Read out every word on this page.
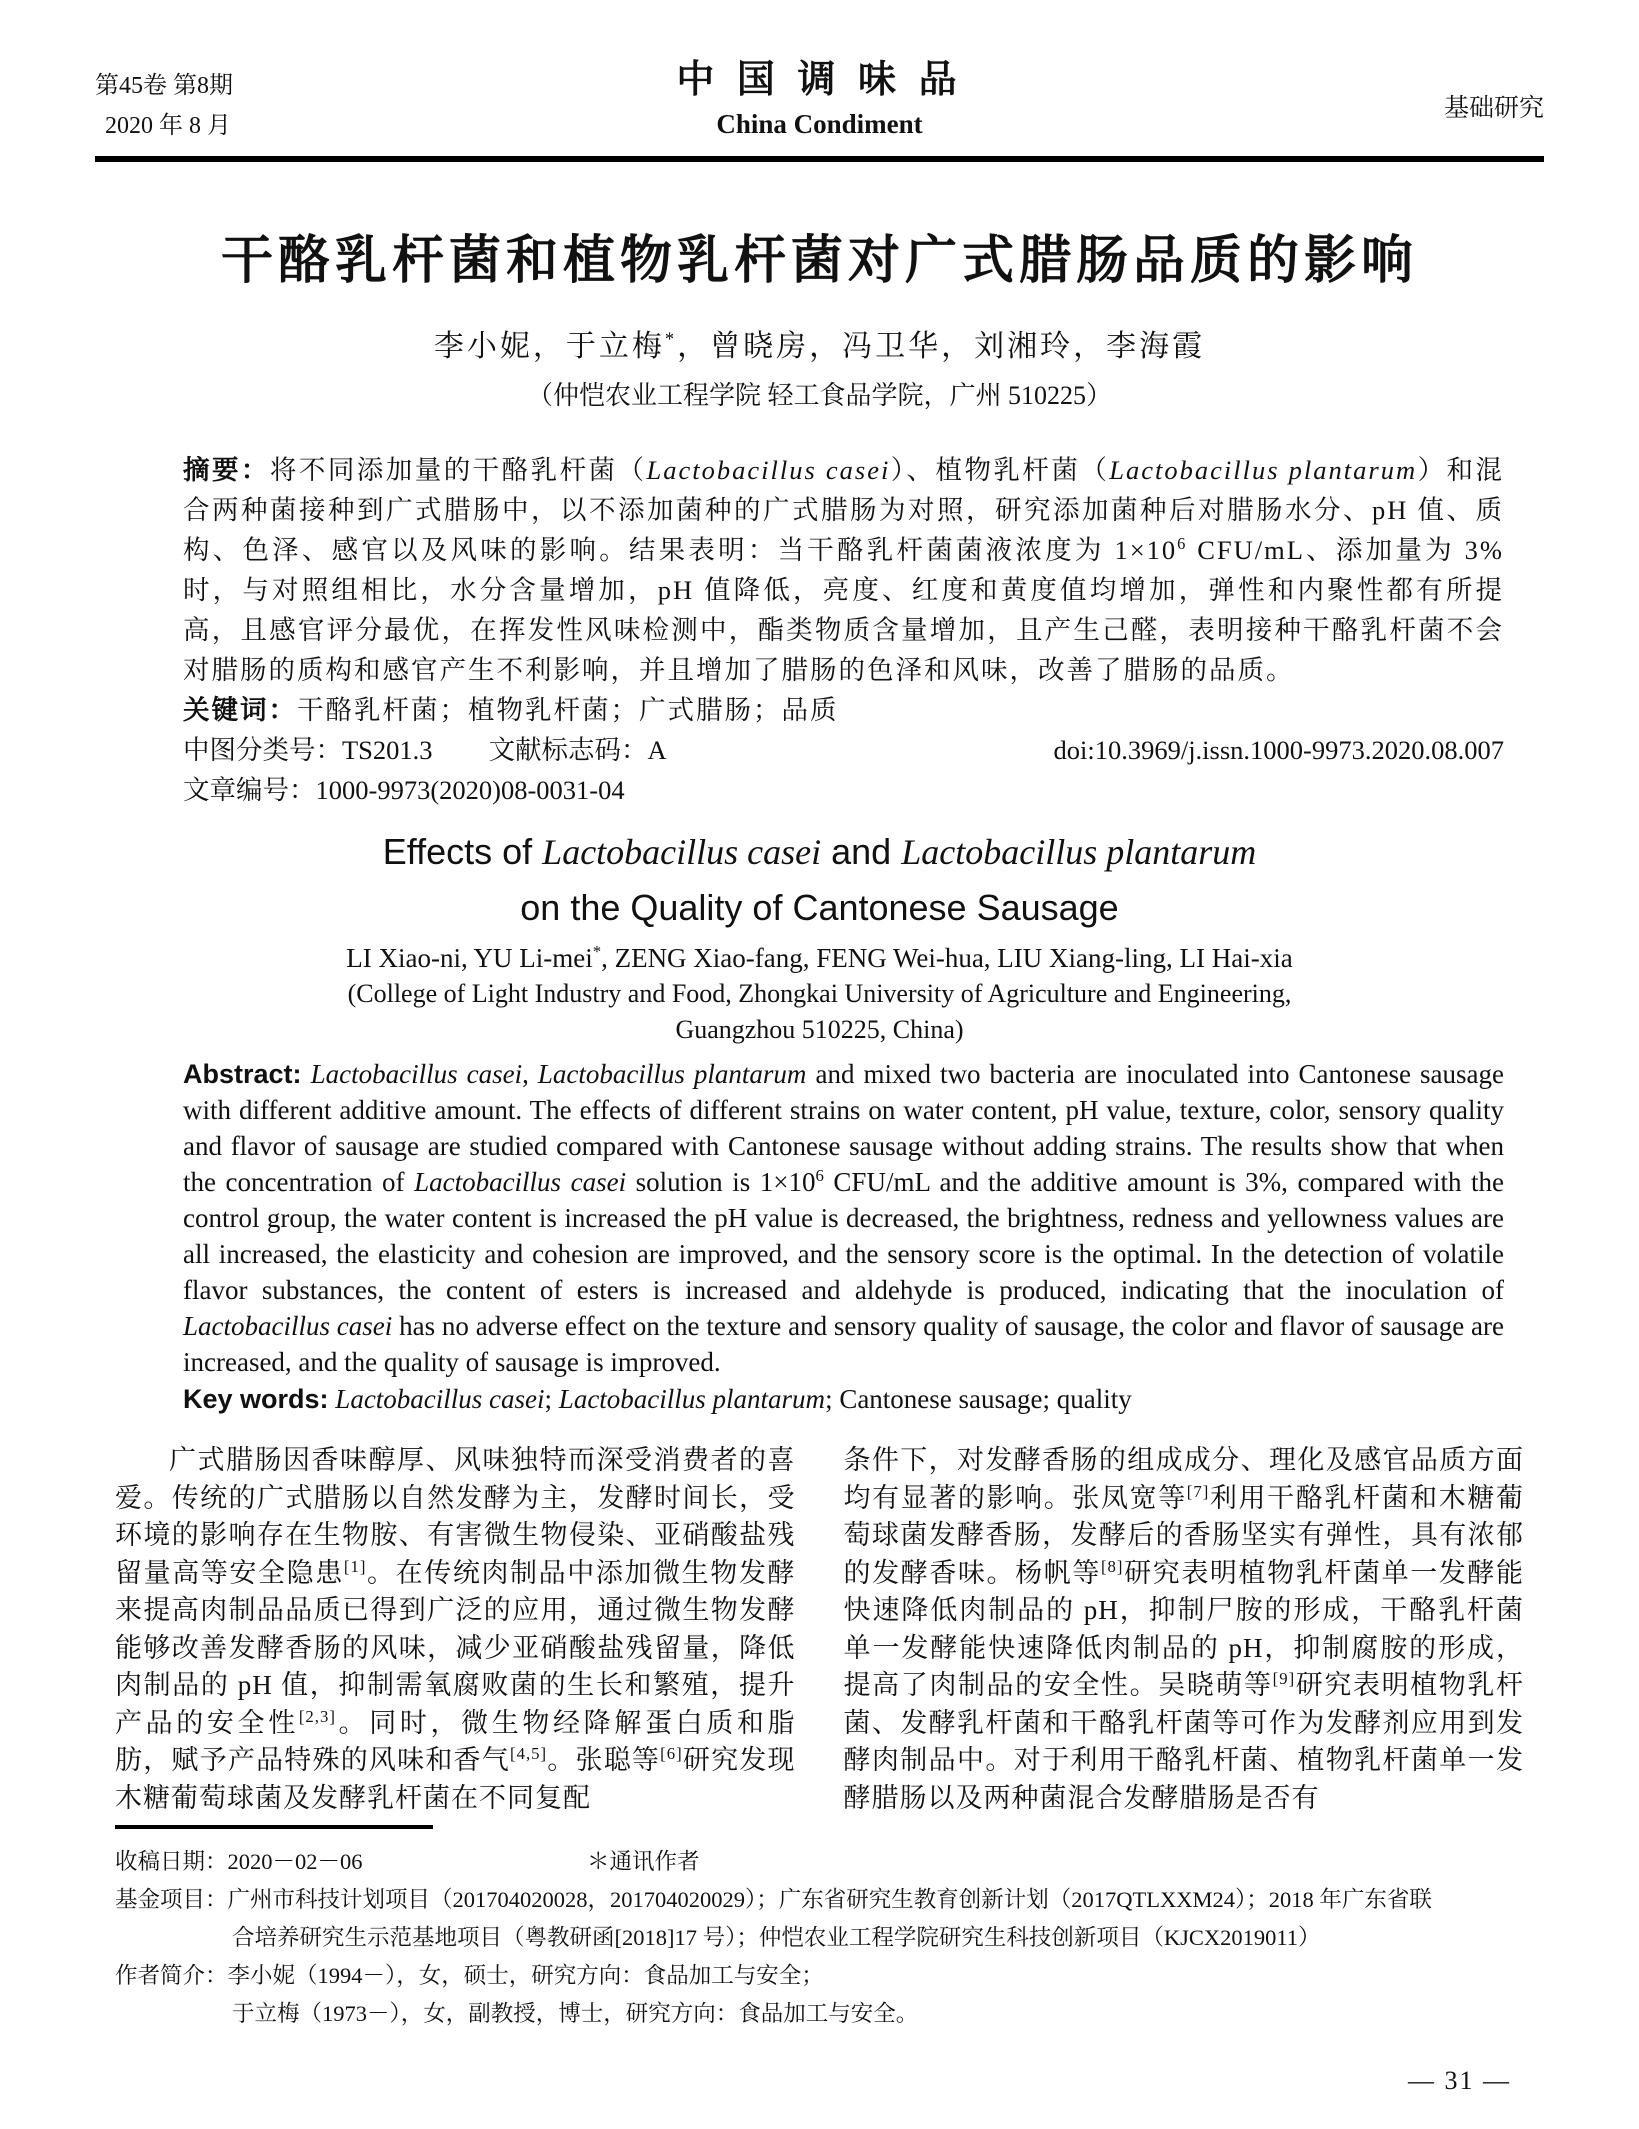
第45卷 第8期
2020 年 8 月
中 国 调 味 品
China Condiment
基础研究
干酪乳杆菌和植物乳杆菌对广式腊肠品质的影响
李小妮，于立梅*，曾晓房，冯卫华，刘湘玲，李海霞
（仲恺农业工程学院 轻工食品学院，广州 510225）

摘要：将不同添加量的干酪乳杆菌（Lactobacillus casei）、植物乳杆菌（Lactobacillus plantarum）和混合两种菌接种到广式腊肠中，以不添加菌种的广式腊肠为对照，研究添加菌种后对腊肠水分、pH 值、质构、色泽、感官以及风味的影响。结果表明：当干酪乳杆菌菌液浓度为 $1\times 10^6$ CFU/mL、添加量为 3%时，与对照组相比，水分含量增加，pH 值降低，亮度、红度和黄度值均增加，弹性和内聚性都有所提高，且感官评分最优，在挥发性风味检测中，酯类物质含量增加，且产生己醛，表明接种干酪乳杆菌不会对腊肠的质构和感官产生不利影响，并且增加了腊肠的色泽和风味，改善了腊肠的品质。

关键词：干酪乳杆菌；植物乳杆菌；广式腊肠；品质

中图分类号：TS201.3 文献标志码：A	doi:10.3969/j.issn.1000-9973.2020.08.007
文章编号：1000-9973(2020)08-0031-04
Effects of Lactobacillus casei and Lactobacillus plantarum
on the Quality of Cantonese Sausage
LI Xiao-ni, YU Li-mei*, ZENG Xiao-fang, FENG Wei-hua, LIU Xiang-ling, LI Hai-xia
(College of Light Industry and Food, Zhongkai University of Agriculture and Engineering,
Guangzhou 510225, China)

Abstract: Lactobacillus casei, Lactobacillus plantarum and mixed two bacteria are inoculated into Cantonese sausage with different additive amount. The effects of different strains on water content, pH value, texture, color, sensory quality and flavor of sausage are studied compared with Cantonese sausage without adding strains. The results show that when the concentration of Lactobacillus casei solution is $1\times 10^6$ CFU/mL and the additive amount is 3%, compared with the control group, the water content is increased the pH value is decreased, the brightness, redness and yellowness values are all increased, the elasticity and cohesion are improved, and the sensory score is the optimal. In the detection of volatile flavor substances, the content of esters is increased and aldehyde is produced, indicating that the inoculation of Lactobacillus casei has no adverse effect on the texture and sensory quality of sausage, the color and flavor of sausage are increased, and the quality of sausage is improved.

Key words: Lactobacillus casei; Lactobacillus plantarum; Cantonese sausage; quality

广式腊肠因香味醇厚、风味独特而深受消费者的喜爱。传统的广式腊肠以自然发酵为主，发酵时间长，受环境的影响存在生物胺、有害微生物侵染、亚硝酸盐残留量高等安全隐患[1]。在传统肉制品中添加微生物发酵来提高肉制品品质已得到广泛的应用，通过微生物发酵能够改善发酵香肠的风味，减少亚硝酸盐残留量，降低肉制品的 pH 值，抑制需氧腐败菌的生长和繁殖，提升产品的安全性[2,3]。同时，微生物经降解蛋白质和脂肪，赋予产品特殊的风味和香气[4,5]。张聪等[6]研究发现木糖葡萄球菌及发酵乳杆菌在不同复配

条件下，对发酵香肠的组成成分、理化及感官品质方面均有显著的影响。张凤宽等[7]利用干酪乳杆菌和木糖葡萄球菌发酵香肠，发酵后的香肠坚实有弹性，具有浓郁的发酵香味。杨帆等[8]研究表明植物乳杆菌单一发酵能快速降低肉制品的 pH，抑制尸胺的形成，干酪乳杆菌单一发酵能快速降低肉制品的 pH，抑制腐胺的形成，提高了肉制品的安全性。吴晓萌等[9]研究表明植物乳杆菌、发酵乳杆菌和干酪乳杆菌等可作为发酵剂应用到发酵肉制品中。对于利用干酪乳杆菌、植物乳杆菌单一发酵腊肠以及两种菌混合发酵腊肠是否有

收稿日期：2020－02－06	＊通讯作者
基金项目：广州市科技计划项目（201704020028，201704020029）；广东省研究生教育创新计划（2017QTLXXM24）；2018 年广东省联
合培养研究生示范基地项目（粤教研函[2018]17 号）；仲恺农业工程学院研究生科技创新项目（KJCX2019011）
作者简介：李小妮（1994－），女，硕士，研究方向：食品加工与安全；
于立梅（1973－），女，副教授，博士，研究方向：食品加工与安全。
— 31 —
